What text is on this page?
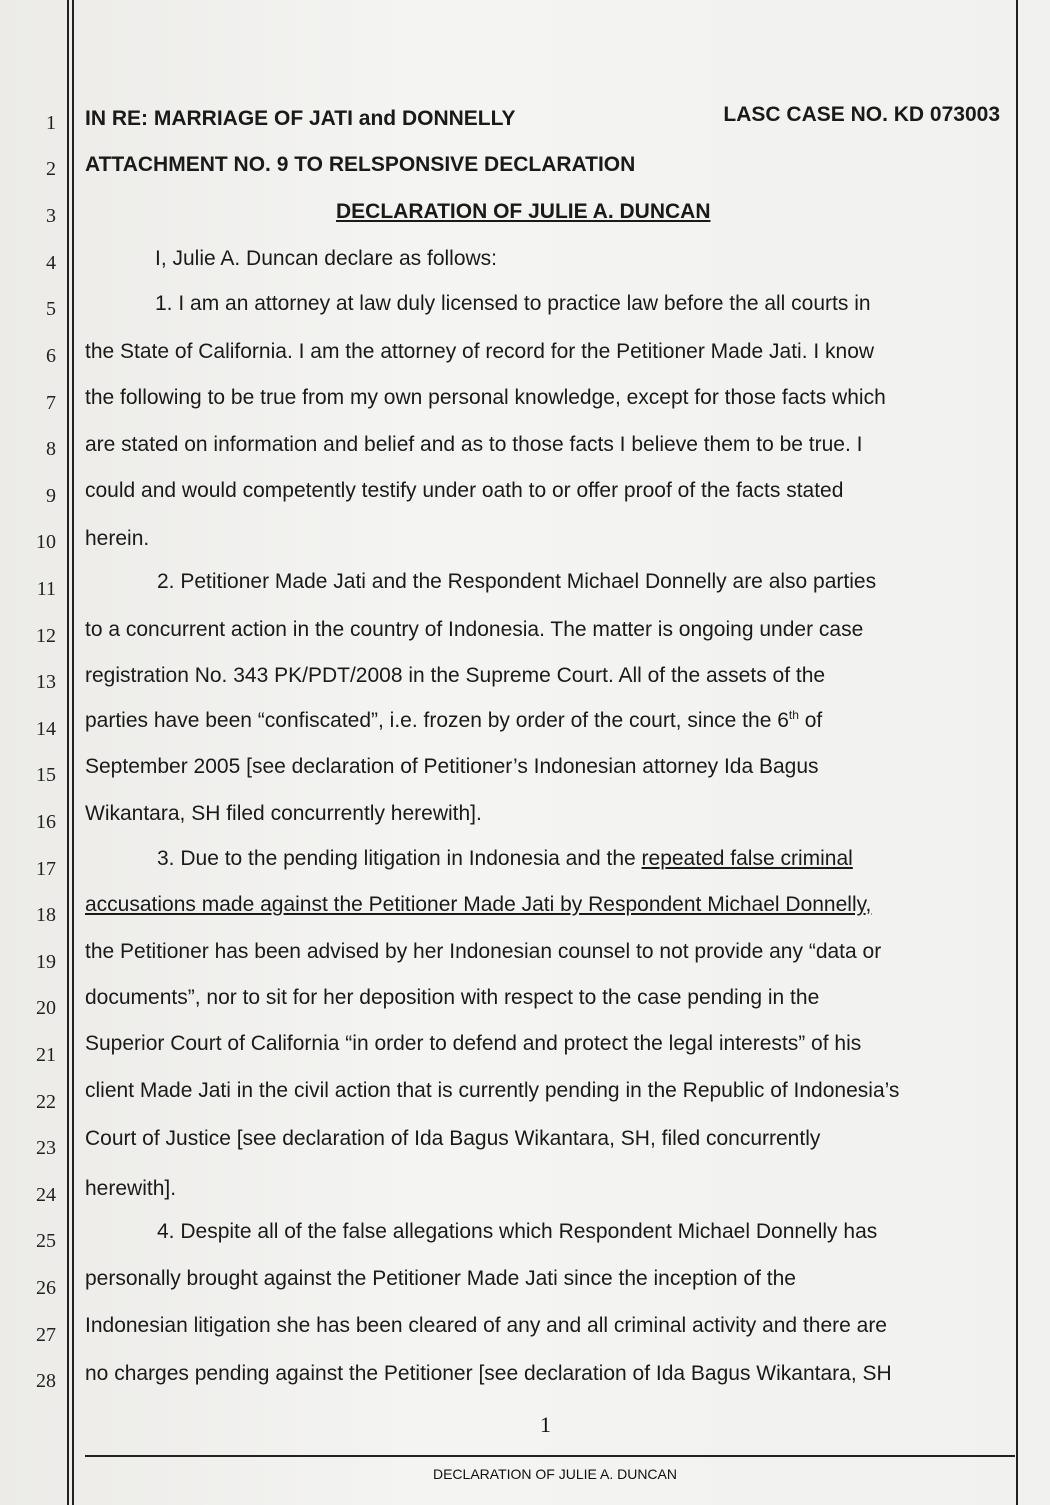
1
2
3
4
5
6
7
8
9
10
11
12
13
14
15
16
17
18
19
20
21
22
23
24
25
26
27
28
IN RE: MARRIAGE OF JATI and DONNELLY	LASC CASE NO. KD 073003
ATTACHMENT NO. 9 TO RELSPONSIVE DECLARATION
DECLARATION OF JULIE A. DUNCAN
I, Julie A. Duncan declare as follows:
1. I am an attorney at law duly licensed to practice law before the all courts in
the State of California. I am the attorney of record for the Petitioner Made Jati. I know
the following to be true from my own personal knowledge, except for those facts which
are stated on information and belief and as to those facts I believe them to be true. I
could and would competently testify under oath to or offer proof of the facts stated
herein.
2. Petitioner Made Jati and the Respondent Michael Donnelly are also parties
to a concurrent action in the country of Indonesia. The matter is ongoing under case
registration No. 343 PK/PDT/2008 in the Supreme Court. All of the assets of the
parties have been “confiscated”, i.e. frozen by order of the court, since the 6th of
September 2005 [see declaration of Petitioner’s Indonesian attorney Ida Bagus
Wikantara, SH filed concurrently herewith].
3. Due to the pending litigation in Indonesia and the repeated false criminal
accusations made against the Petitioner Made Jati by Respondent Michael Donnelly,
the Petitioner has been advised by her Indonesian counsel to not provide any “data or
documents”, nor to sit for her deposition with respect to the case pending in the
Superior Court of California “in order to defend and protect the legal interests” of his
client Made Jati in the civil action that is currently pending in the Republic of Indonesia’s
Court of Justice [see declaration of Ida Bagus Wikantara, SH, filed concurrently
herewith].
4. Despite all of the false allegations which Respondent Michael Donnelly has
personally brought against the Petitioner Made Jati since the inception of the
Indonesian litigation she has been cleared of any and all criminal activity and there are
no charges pending against the Petitioner [see declaration of Ida Bagus Wikantara, SH
1
DECLARATION OF JULIE A. DUNCAN
